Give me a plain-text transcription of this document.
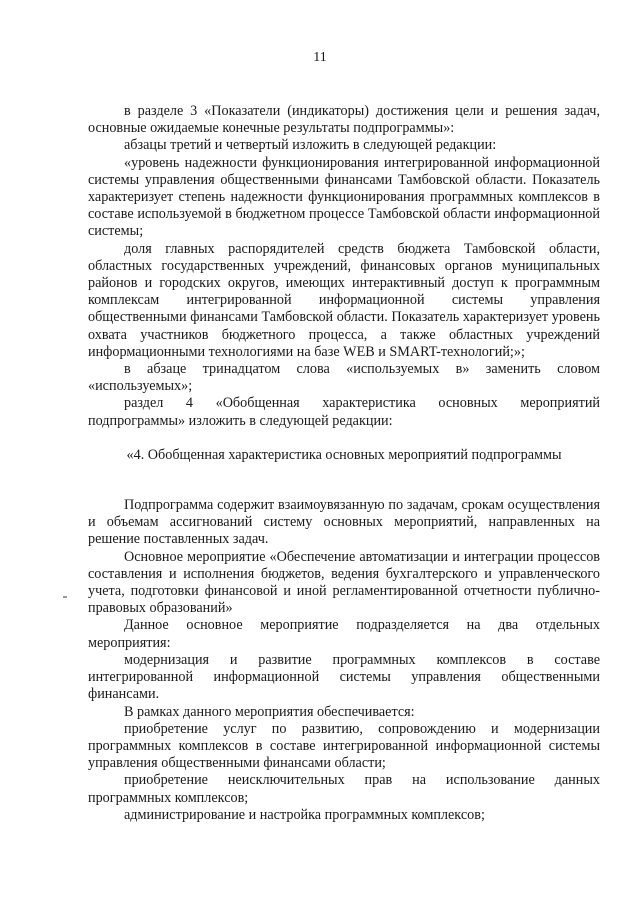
11

в разделе 3 «Показатели (индикаторы) достижения цели и решения задач, основные ожидаемые конечные результаты подпрограммы»:

абзацы третий и четвертый изложить в следующей редакции:

«уровень надежности функционирования интегрированной информационной системы управления общественными финансами Тамбовской области. Показатель характеризует степень надежности функционирования программных комплексов в составе используемой в бюджетном процессе Тамбовской области информационной системы;

доля главных распорядителей средств бюджета Тамбовской области, областных государственных учреждений, финансовых органов муниципальных районов и городских округов, имеющих интерактивный доступ к программным комплексам интегрированной информационной системы управления общественными финансами Тамбовской области. Показатель характеризует уровень охвата участников бюджетного процесса, а также областных учреждений информационными технологиями на базе WEB и SMART-технологий;»;

в абзаце тринадцатом слова «используемых в» заменить словом «используемых»;

раздел 4 «Обобщенная характеристика основных мероприятий подпрограммы» изложить в следующей редакции:

«4. Обобщенная характеристика основных мероприятий подпрограммы

Подпрограмма содержит взаимоувязанную по задачам, срокам осуществления и объемам ассигнований систему основных мероприятий, направленных на решение поставленных задач.

Основное мероприятие «Обеспечение автоматизации и интеграции процессов составления и исполнения бюджетов, ведения бухгалтерского и управленческого учета, подготовки финансовой и иной регламентированной отчетности публично-правовых образований»

Данное основное мероприятие подразделяется на два отдельных мероприятия:

модернизация и развитие программных комплексов в составе интегрированной информационной системы управления общественными финансами.

В рамках данного мероприятия обеспечивается:

приобретение услуг по развитию, сопровождению и модернизации программных комплексов в составе интегрированной информационной системы управления общественными финансами области;

приобретение неисключительных прав на использование данных программных комплексов;

администрирование и настройка программных комплексов;
